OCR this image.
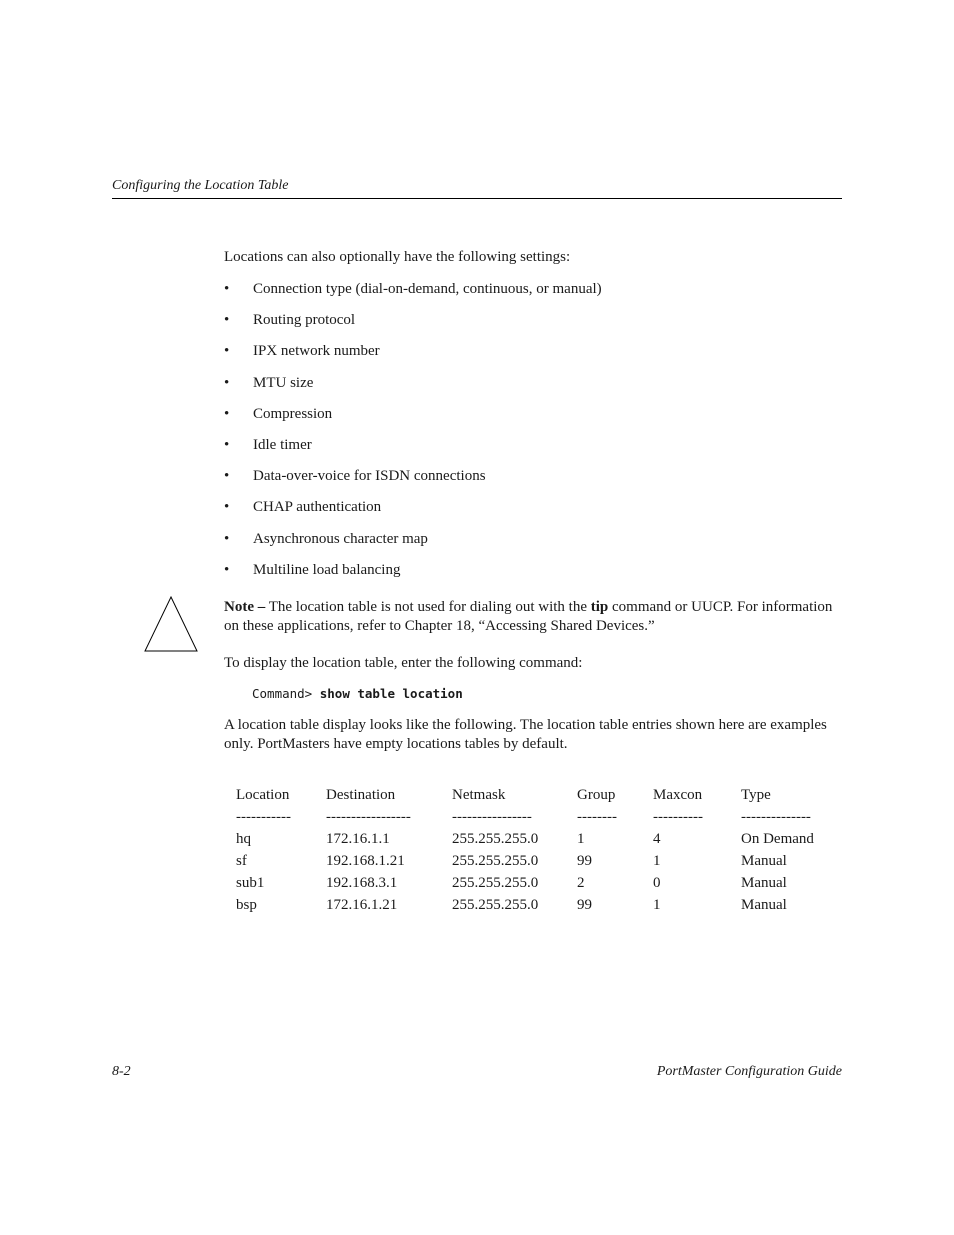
Configuring the Location Table
Locations can also optionally have the following settings:
• Connection type (dial-on-demand, continuous, or manual)
• Routing protocol
• IPX network number
• MTU size
• Compression
• Idle timer
• Data-over-voice for ISDN connections
• CHAP authentication
• Asynchronous character map
• Multiline load balancing
Note – The location table is not used for dialing out with the tip command or UUCP. For information on these applications, refer to Chapter 18, “Accessing Shared Devices.”
To display the location table, enter the following command:
Command> show table location
A location table display looks like the following. The location table entries shown here are examples only. PortMasters have empty locations tables by default.
Location	Destination	Netmask	Group	Maxcon	Type
-----------	-----------------	----------------	--------	----------	--------------
hq	172.16.1.1	255.255.255.0	1	4	On Demand
sf	192.168.1.21	255.255.255.0	99	1	Manual
sub1	192.168.3.1	255.255.255.0	2	0	Manual
bsp	172.16.1.21	255.255.255.0	99	1	Manual
8-2	PortMaster Configuration Guide
